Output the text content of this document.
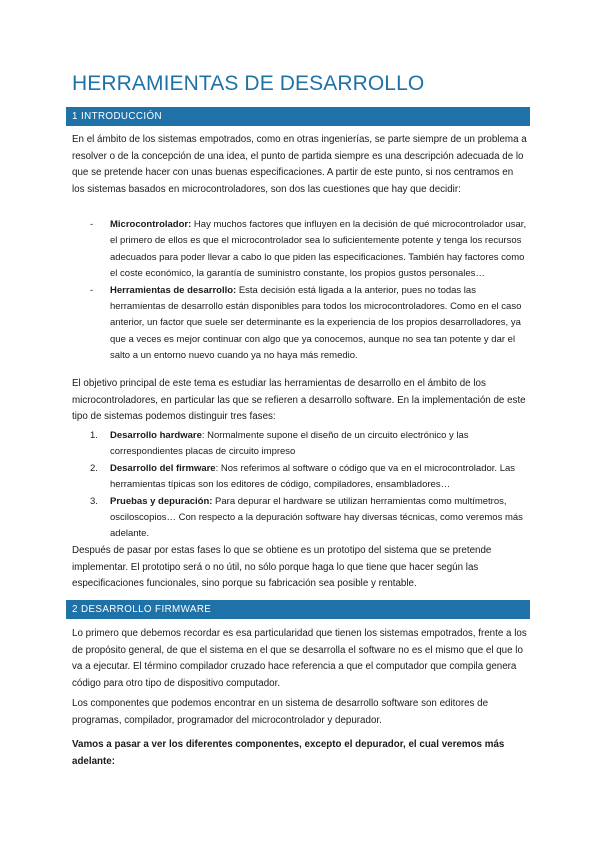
HERRAMIENTAS DE DESARROLLO
1 INTRODUCCIÓN

En el ámbito de los sistemas empotrados, como en otras ingenierías, se parte siempre de un problema a resolver o de la concepción de una idea, el punto de partida siempre es una descripción adecuada de lo que se pretende hacer con unas buenas especificaciones. A partir de este punto, si nos centramos en los sistemas basados en microcontroladores, son dos las cuestiones que hay que decidir:

- Microcontrolador: Hay muchos factores que influyen en la decisión de qué microcontrolador usar, el primero de ellos es que el microcontrolador sea lo suficientemente potente y tenga los recursos adecuados para poder llevar a cabo lo que piden las especificaciones. También hay factores como el coste económico, la garantía de suministro constante, los propios gustos personales…
- Herramientas de desarrollo: Esta decisión está ligada a la anterior, pues no todas las herramientas de desarrollo están disponibles para todos los microcontroladores. Como en el caso anterior, un factor que suele ser determinante es la experiencia de los propios desarrolladores, ya que a veces es mejor continuar con algo que ya conocemos, aunque no sea tan potente y dar el salto a un entorno nuevo cuando ya no haya más remedio.

El objetivo principal de este tema es estudiar las herramientas de desarrollo en el ámbito de los microcontroladores, en particular las que se refieren a desarrollo software. En la implementación de este tipo de sistemas podemos distinguir tres fases:

1. Desarrollo hardware: Normalmente supone el diseño de un circuito electrónico y las correspondientes placas de circuito impreso
2. Desarrollo del firmware: Nos referimos al software o código que va en el microcontrolador. Las herramientas típicas son los editores de código, compiladores, ensambladores…
3. Pruebas y depuración: Para depurar el hardware se utilizan herramientas como multímetros, osciloscopios… Con respecto a la depuración software hay diversas técnicas, como veremos más adelante.

Después de pasar por estas fases lo que se obtiene es un prototipo del sistema que se pretende implementar. El prototipo será o no útil, no sólo porque haga lo que tiene que hacer según las especificaciones funcionales, sino porque su fabricación sea posible y rentable.

2 DESARROLLO FIRMWARE

Lo primero que debemos recordar es esa particularidad que tienen los sistemas empotrados, frente a los de propósito general, de que el sistema en el que se desarrolla el software no es el mismo que el que lo va a ejecutar. El término compilador cruzado hace referencia a que el computador que compila genera código para otro tipo de dispositivo computador.

Los componentes que podemos encontrar en un sistema de desarrollo software son editores de programas, compilador, programador del microcontrolador y depurador.

Vamos a pasar a ver los diferentes componentes, excepto el depurador, el cual veremos más adelante:
